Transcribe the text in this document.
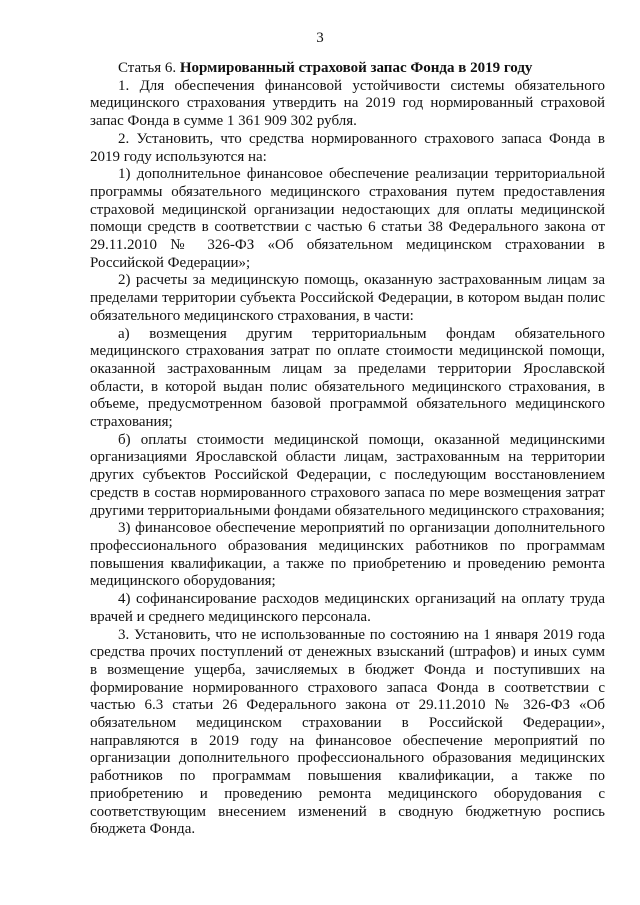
3

Статья 6. Нормированный страховой запас Фонда в 2019 году

1. Для обеспечения финансовой устойчивости системы обязательного медицинского страхования утвердить на 2019 год нормированный страховой запас Фонда в сумме 1 361 909 302 рубля.

2. Установить, что средства нормированного страхового запаса Фонда в 2019 году используются на:

1) дополнительное финансовое обеспечение реализации территориальной программы обязательного медицинского страхования путем предоставления страховой медицинской организации недостающих для оплаты медицинской помощи средств в соответствии с частью 6 статьи 38 Федерального закона от 29.11.2010 № 326-ФЗ «Об обязательном медицинском страховании в Российской Федерации»;

2) расчеты за медицинскую помощь, оказанную застрахованным лицам за пределами территории субъекта Российской Федерации, в котором выдан полис обязательного медицинского страхования, в части:

а) возмещения другим территориальным фондам обязательного медицинского страхования затрат по оплате стоимости медицинской помощи, оказанной застрахованным лицам за пределами территории Ярославской области, в которой выдан полис обязательного медицинского страхования, в объеме, предусмотренном базовой программой обязательного медицинского страхования;

б) оплаты стоимости медицинской помощи, оказанной медицинскими организациями Ярославской области лицам, застрахованным на территории других субъектов Российской Федерации, с последующим восстановлением средств в состав нормированного страхового запаса по мере возмещения затрат другими территориальными фондами обязательного медицинского страхования;

3) финансовое обеспечение мероприятий по организации дополнительного профессионального образования медицинских работников по программам повышения квалификации, а также по приобретению и проведению ремонта медицинского оборудования;

4) софинансирование расходов медицинских организаций на оплату труда врачей и среднего медицинского персонала.

3. Установить, что не использованные по состоянию на 1 января 2019 года средства прочих поступлений от денежных взысканий (штрафов) и иных сумм в возмещение ущерба, зачисляемых в бюджет Фонда и поступивших на формирование нормированного страхового запаса Фонда в соответствии с частью 6.3 статьи 26 Федерального закона от 29.11.2010 № 326-ФЗ «Об обязательном медицинском страховании в Российской Федерации», направляются в 2019 году на финансовое обеспечение мероприятий по организации дополнительного профессионального образования медицинских работников по программам повышения квалификации, а также по приобретению и проведению ремонта медицинского оборудования с соответствующим внесением изменений в сводную бюджетную роспись бюджета Фонда.
